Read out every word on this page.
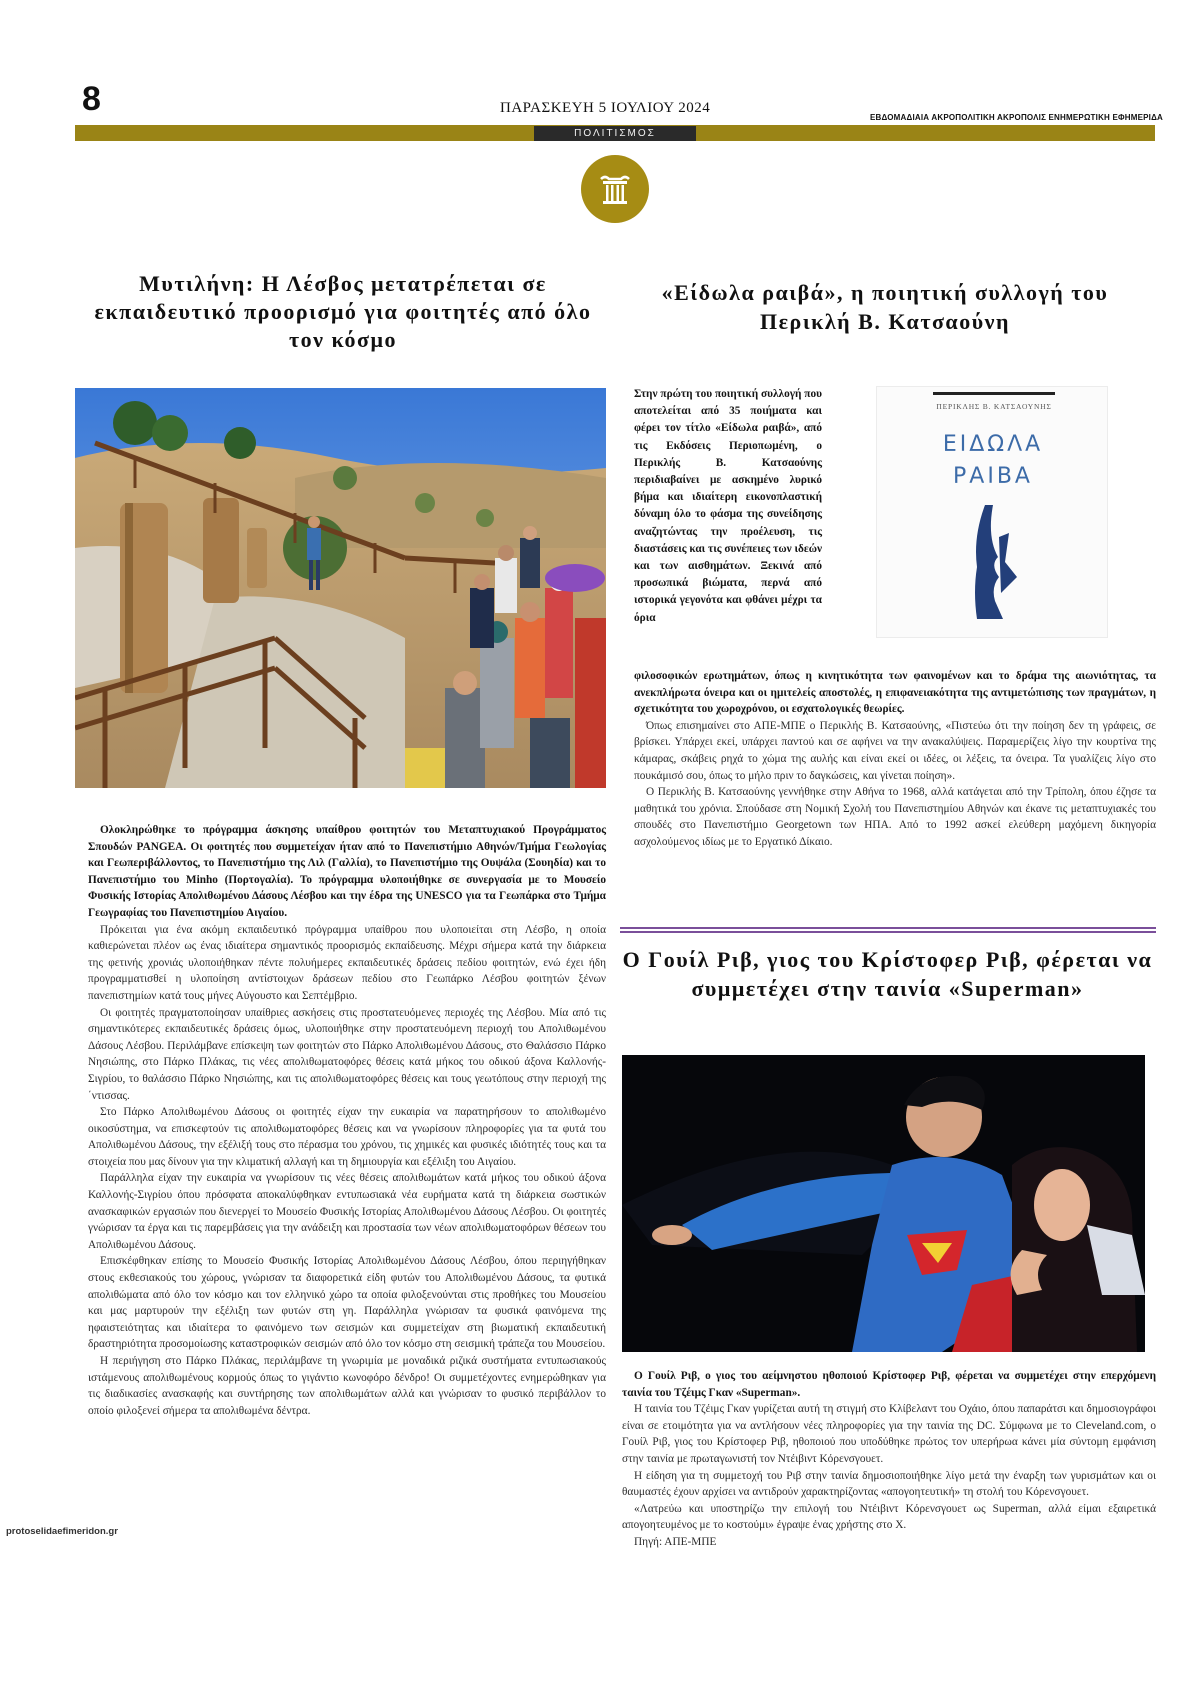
8	ΠΑΡΑΣΚΕΥΗ 5 ΙΟΥΛΙΟΥ 2024
ΕΒΔΟΜΑΔΙΑΙΑ ΑΚΡΟΠΟΛΙΤΙΚΗ ΑΚΡΟΠΟΛΙΣ ΕΝΗΜΕΡΩΤΙΚΗ ΕΦΗΜΕΡΙΔΑ
ΠΟΛΙΤΙΣΜΟΣ
Μυτιλήνη: Η Λέσβος μετατρέπεται σε εκπαιδευτικό προορισμό για φοιτητές από όλο τον κόσμο

Ολοκληρώθηκε το πρόγραμμα άσκησης υπαίθρου φοιτητών του Μεταπτυχιακού Προγράμματος Σπουδών PANGEA. Οι φοιτητές που συμμετείχαν ήταν από το Πανεπιστήμιο Αθηνών/Τμήμα Γεωλογίας και Γεωπεριβάλλοντος, το Πανεπιστήμιο της Λιλ (Γαλλία), το Πανεπιστήμιο της Ουψάλα (Σουηδία) και το Πανεπιστήμιο του Minho (Πορτογαλία). Το πρόγραμμα υλοποιήθηκε σε συνεργασία με το Μουσείο Φυσικής Ιστορίας Απολιθωμένου Δάσους Λέσβου και την έδρα της UNESCO για τα Γεωπάρκα στο Τμήμα Γεωγραφίας του Πανεπιστημίου Αιγαίου.

Πρόκειται για ένα ακόμη εκπαιδευτικό πρόγραμμα υπαίθρου που υλοποιείται στη Λέσβο, η οποία καθιερώνεται πλέον ως ένας ιδιαίτερα σημαντικός προορισμός εκπαίδευσης. Μέχρι σήμερα κατά την διάρκεια της φετινής χρονιάς υλοποιήθηκαν πέντε πολυήμερες εκπαιδευτικές δράσεις πεδίου φοιτητών, ενώ έχει ήδη προγραμματισθεί η υλοποίηση αντίστοιχων δράσεων πεδίου στο Γεωπάρκο Λέσβου φοιτητών ξένων πανεπιστημίων κατά τους μήνες Αύγουστο και Σεπτέμβριο.

Οι φοιτητές πραγματοποίησαν υπαίθριες ασκήσεις στις προστατευόμενες περιοχές της Λέσβου. Μία από τις σημαντικότερες εκπαιδευτικές δράσεις όμως, υλοποιήθηκε στην προστατευόμενη περιοχή του Απολιθωμένου Δάσους Λέσβου. Περιλάμβανε επίσκεψη των φοιτητών στο Πάρκο Απολιθωμένου Δάσους, στο Θαλάσσιο Πάρκο Νησιώπης, στο Πάρκο Πλάκας, τις νέες απολιθωματοφόρες θέσεις κατά μήκος του οδικού άξονα Καλλονής-Σιγρίου, το θαλάσσιο Πάρκο Νησιώπης, και τις απολιθωματοφόρες θέσεις και τους γεωτόπους στην περιοχή της ΄ντισσας.

Στο Πάρκο Απολιθωμένου Δάσους οι φοιτητές είχαν την ευκαιρία να παρατηρήσουν το απολιθωμένο οικοσύστημα, να επισκεφτούν τις απολιθωματοφόρες θέσεις και να γνωρίσουν πληροφορίες για τα φυτά του Απολιθωμένου Δάσους, την εξέλιξή τους στο πέρασμα του χρόνου, τις χημικές και φυσικές ιδιότητές τους και τα στοιχεία που μας δίνουν για την κλιματική αλλαγή και τη δημιουργία και εξέλιξη του Αιγαίου.

Παράλληλα είχαν την ευκαιρία να γνωρίσουν τις νέες θέσεις απολιθωμάτων κατά μήκος του οδικού άξονα Καλλονής-Σιγρίου όπου πρόσφατα αποκαλύφθηκαν εντυπωσιακά νέα ευρήματα κατά τη διάρκεια σωστικών ανασκαφικών εργασιών που διενεργεί το Μουσείο Φυσικής Ιστορίας Απολιθωμένου Δάσους Λέσβου. Οι φοιτητές γνώρισαν τα έργα και τις παρεμβάσεις για την ανάδειξη και προστασία των νέων απολιθωματοφόρων θέσεων του Απολιθωμένου Δάσους.

Επισκέφθηκαν επίσης το Μουσείο Φυσικής Ιστορίας Απολιθωμένου Δάσους Λέσβου, όπου περιηγήθηκαν στους εκθεσιακούς του χώρους, γνώρισαν τα διαφορετικά είδη φυτών του Απολιθωμένου Δάσους, τα φυτικά απολιθώματα από όλο τον κόσμο και τον ελληνικό χώρο τα οποία φιλοξενούνται στις προθήκες του Μουσείου και μας μαρτυρούν την εξέλιξη των φυτών στη γη. Παράλληλα γνώρισαν τα φυσικά φαινόμενα της ηφαιστειότητας και ιδιαίτερα το φαινόμενο των σεισμών και συμμετείχαν στη βιωματική εκπαιδευτική δραστηριότητα προσομοίωσης καταστροφικών σεισμών από όλο τον κόσμο στη σεισμική τράπεζα του Μουσείου.

Η περιήγηση στο Πάρκο Πλάκας, περιλάμβανε τη γνωριμία με μοναδικά ριζικά συστήματα εντυπωσιακούς ιστάμενους απολιθωμένους κορμούς όπως το γιγάντιο κωνοφόρο δένδρο! Οι συμμετέχοντες ενημερώθηκαν για τις διαδικασίες ανασκαφής και συντήρησης των απολιθωμάτων αλλά και γνώρισαν το φυσικό περιβάλλον το οποίο φιλοξενεί σήμερα τα απολιθωμένα δέντρα.

«Είδωλα ραιβά», η ποιητική συλλογή του Περικλή Β. Κατσαούνη
Στην πρώτη του ποιητική συλλογή που αποτελείται από 35 ποιήματα και φέρει τον τίτλο «Είδωλα ραιβά», από τις Εκδόσεις Περιοπωμένη, ο Περικλής Β. Κατσαούνης περιδιαβαίνει με ασκημένο λυρικό βήμα και ιδιαίτερη εικονοπλαστική δύναμη όλο το φάσμα της συνείδησης αναζητώντας την προέλευση, τις διαστάσεις και τις συνέπειες των ιδεών και των αισθημάτων. Ξεκινά από προσωπικά βιώματα, περνά από ιστορικά γεγονότα και φθάνει μέχρι τα όρια
ΠΕΡΙΚΛΗΣ Β. ΚΑΤΣΑΟΥΝΗΣ
ΕΙΔΩΛΑ
ΡΑΙΒΑ

φιλοσοφικών ερωτημάτων, όπως η κινητικότητα των φαινομένων και το δράμα της αιωνιότητας, τα ανεκπλήρωτα όνειρα και οι ημιτελείς αποστολές, η επιφανειακότητα της αντιμετώπισης των πραγμάτων, η σχετικότητα του χωροχρόνου, οι εσχατολογικές θεωρίες.

Όπως επισημαίνει στο ΑΠΕ-ΜΠΕ ο Περικλής Β. Κατσαούνης, «Πιστεύω ότι την ποίηση δεν τη γράφεις, σε βρίσκει. Υπάρχει εκεί, υπάρχει παντού και σε αφήνει να την ανακαλύψεις. Παραμερίζεις λίγο την κουρτίνα της κάμαρας, σκάβεις ρηχά το χώμα της αυλής και είναι εκεί οι ιδέες, οι λέξεις, τα όνειρα. Τα γυαλίζεις λίγο στο πουκάμισό σου, όπως το μήλο πριν το δαγκώσεις, και γίνεται ποίηση».

Ο Περικλής Β. Κατσαούνης γεννήθηκε στην Αθήνα το 1968, αλλά κατάγεται από την Τρίπολη, όπου έζησε τα μαθητικά του χρόνια. Σπούδασε στη Νομική Σχολή του Πανεπιστημίου Αθηνών και έκανε τις μεταπτυχιακές του σπουδές στο Πανεπιστήμιο Georgetown των ΗΠΑ. Από το 1992 ασκεί ελεύθερη μαχόμενη δικηγορία ασχολούμενος ιδίως με το Εργατικό Δίκαιο.

Ο Γουίλ Ριβ, γιος του Κρίστοφερ Ριβ, φέρεται να συμμετέχει στην ταινία «Superman»

Ο Γουίλ Ριβ, ο γιος του αείμνηστου ηθοποιού Κρίστοφερ Ριβ, φέρεται να συμμετέχει στην επερχόμενη ταινία του Τζέιμς Γκαν «Superman».

Η ταινία του Τζέιμς Γκαν γυρίζεται αυτή τη στιγμή στο Κλίβελαντ του Οχάιο, όπου παπαράτσι και δημοσιογράφοι είναι σε ετοιμότητα για να αντλήσουν νέες πληροφορίες για την ταινία της DC. Σύμφωνα με το Cleveland.com, ο Γουίλ Ριβ, γιος του Κρίστοφερ Ριβ, ηθοποιού που υποδύθηκε πρώτος τον υπερήρωα κάνει μία σύντομη εμφάνιση στην ταινία με πρωταγωνιστή τον Ντέιβιντ Κόρενσγουετ.

Η είδηση για τη συμμετοχή του Ριβ στην ταινία δημοσιοποιήθηκε λίγο μετά την έναρξη των γυρισμάτων και οι θαυμαστές έχουν αρχίσει να αντιδρούν χαρακτηρίζοντας «απογοητευτική» τη στολή του Κόρενσγουετ.

«Λατρεύω και υποστηρίζω την επιλογή του Ντέιβιντ Κόρενσγουετ ως Superman, αλλά είμαι εξαιρετικά απογοητευμένος με το κοστούμι» έγραψε ένας χρήστης στο Χ.

Πηγή: ΑΠΕ-ΜΠΕ

protoselidaefimeridon.gr
